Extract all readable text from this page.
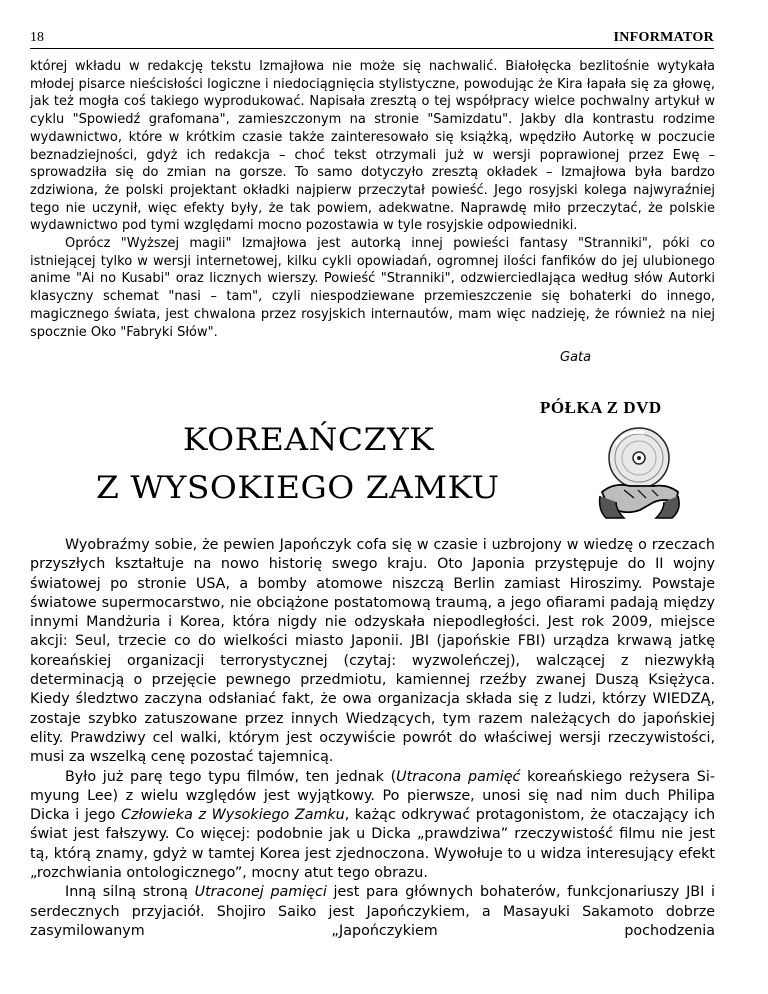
18	INFORMATOR

której wkładu w redakcję tekstu Izmajłowa nie może się nachwalić. Białołęcka bezlitośnie wytykała młodej pisarce nieścisłości logiczne i niedociągnięcia stylistyczne, powodując że Kira łapała się za głowę, jak też mogła coś takiego wyprodukować. Napisała zresztą o tej współpracy wielce pochwalny artykuł w cyklu "Spowiedź grafomana", zamieszczonym na stronie "Samizdatu". Jakby dla kontrastu rodzime wydawnictwo, które w krótkim czasie także zainteresowało się książką, wpędziło Autorkę w poczucie beznadziejności, gdyż ich redakcja – choć tekst otrzymali już w wersji poprawionej przez Ewę – sprowadziła się do zmian na gorsze. To samo dotyczyło zresztą okładek – Izmajłowa była bardzo zdziwiona, że polski projektant okładki najpierw przeczytał powieść. Jego rosyjski kolega najwyraźniej tego nie uczynił, więc efekty były, że tak powiem, adekwatne. Naprawdę miło przeczytać, że polskie wydawnictwo pod tymi względami mocno pozostawia w tyle rosyjskie odpowiedniki.

Oprócz "Wyższej magii" Izmajłowa jest autorką innej powieści fantasy "Stranniki", póki co istniejącej tylko w wersji internetowej, kilku cykli opowiadań, ogromnej ilości fanfików do jej ulubionego anime "Ai no Kusabi" oraz licznych wierszy. Powieść "Stranniki", odzwierciedlająca według słów Autorki klasyczny schemat "nasi – tam", czyli niespodziewane przemieszczenie się bohaterki do innego, magicznego świata, jest chwalona przez rosyjskich internautów, mam więc nadzieję, że również na niej spocznie Oko "Fabryki Słów".

Gata
PÓŁKA Z DVD
KOREAŃCZYK
Z WYSOKIEGO ZAMKU

Wyobraźmy sobie, że pewien Japończyk cofa się w czasie i uzbrojony w wiedzę o rzeczach przyszłych kształtuje na nowo historię swego kraju. Oto Japonia przystępuje do II wojny światowej po stronie USA, a bomby atomowe niszczą Berlin zamiast Hiroszimy. Powstaje światowe supermocarstwo, nie obciążone postatomową traumą, a jego ofiarami padają między innymi Mandżuria i Korea, która nigdy nie odzyskała niepodległości. Jest rok 2009, miejsce akcji: Seul, trzecie co do wielkości miasto Japonii. JBI (japońskie FBI) urządza krwawą jatkę koreańskiej organizacji terrorystycznej (czytaj: wyzwoleńczej), walczącej z niezwykłą determinacją o przejęcie pewnego przedmiotu, kamiennej rzeźby zwanej Duszą Księżyca. Kiedy śledztwo zaczyna odsłaniać fakt, że owa organizacja składa się z ludzi, którzy WIEDZĄ, zostaje szybko zatuszowane przez innych Wiedzących, tym razem należących do japońskiej elity. Prawdziwy cel walki, którym jest oczywiście powrót do właściwej wersji rzeczywistości, musi za wszelką cenę pozostać tajemnicą.

Było już parę tego typu filmów, ten jednak (Utracona pamięć koreańskiego reżysera Si-myung Lee) z wielu względów jest wyjątkowy. Po pierwsze, unosi się nad nim duch Philipa Dicka i jego Człowieka z Wysokiego Zamku, każąc odkrywać protagonistom, że otaczający ich świat jest fałszywy. Co więcej: podobnie jak u Dicka „prawdziwa” rzeczywistość filmu nie jest tą, którą znamy, gdyż w tamtej Korea jest zjednoczona. Wywołuje to u widza interesujący efekt „rozchwiania ontologicznego”, mocny atut tego obrazu.

Inną silną stroną Utraconej pamięci jest para głównych bohaterów, funkcjonariuszy JBI i serdecznych przyjaciół. Shojiro Saiko jest Japończykiem, a Masayuki Sakamoto dobrze zasymilowanym „Japończykiem pochodzenia
